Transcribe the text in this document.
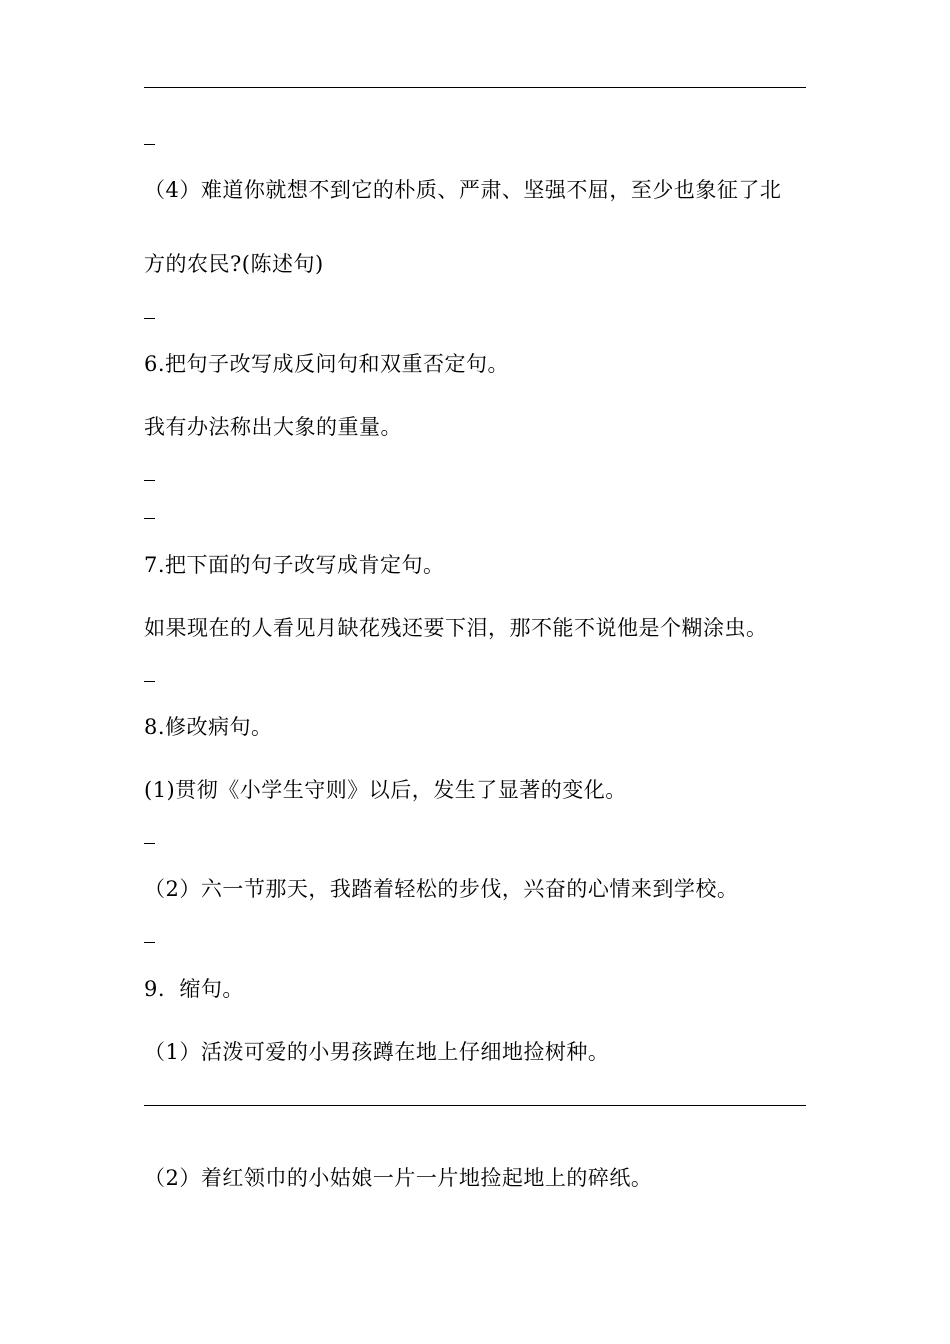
（4）难道你就想不到它的朴质、严肃、坚强不屈，至少也象征了北
方的农民?(陈述句)
6.把句子改写成反问句和双重否定句。
我有办法称出大象的重量。
7.把下面的句子改写成肯定句。
如果现在的人看见月缺花残还要下泪，那不能不说他是个糊涂虫。
8.修改病句。
(1)贯彻《小学生守则》以后，发生了显著的变化。
（2）六一节那天，我踏着轻松的步伐，兴奋的心情来到学校。
9.  缩句。
（1）活泼可爱的小男孩蹲在地上仔细地捡树种。
（2）着红领巾的小姑娘一片一片地捡起地上的碎纸。
